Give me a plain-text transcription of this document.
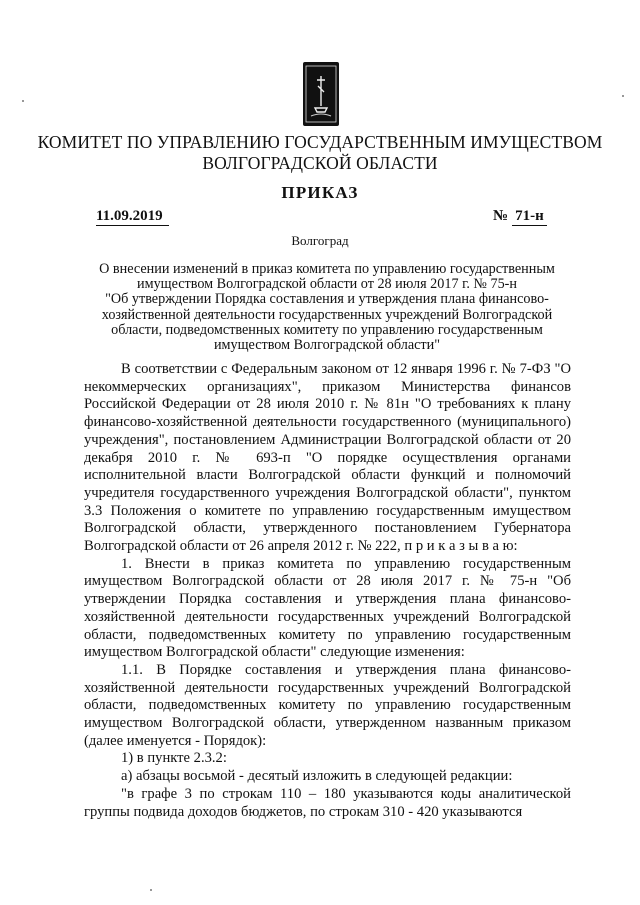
КОМИТЕТ ПО УПРАВЛЕНИЮ ГОСУДАРСТВЕННЫМ ИМУЩЕСТВОМ
ВОЛГОГРАДСКОЙ ОБЛАСТИ
ПРИКАЗ
11.09.2019	№ 71-н
Волгоград
О внесении изменений в приказ комитета по управлению государственным
имуществом Волгоградской области от 28 июля 2017 г. № 75-н
"Об утверждении Порядка составления и утверждения плана финансово-
хозяйственной деятельности государственных учреждений Волгоградской
области, подведомственных комитету по управлению государственным
имуществом Волгоградской области"

В соответствии с Федеральным законом от 12 января 1996 г. № 7-ФЗ "О некоммерческих организациях", приказом Министерства финансов Российской Федерации от 28 июля 2010 г. № 81н "О требованиях к плану финансово-хозяйственной деятельности государственного (муниципального) учреждения", постановлением Администрации Волгоградской области от 20 декабря 2010 г. № 693-п "О порядке осуществления органами исполнительной власти Волгоградской области функций и полномочий учредителя государственного учреждения Волгоградской области", пунктом 3.3 Положения о комитете по управлению государственным имуществом Волгоградской области, утвержденного постановлением Губернатора Волгоградской области от 26 апреля 2012 г. № 222, п р и к а з ы в а ю:

1. Внести в приказ комитета по управлению государственным имуществом Волгоградской области от 28 июля 2017 г. № 75-н "Об утверждении Порядка составления и утверждения плана финансово-хозяйственной деятельности государственных учреждений Волгоградской области, подведомственных комитету по управлению государственным имуществом Волгоградской области" следующие изменения:

1.1. В Порядке составления и утверждения плана финансово-хозяйственной деятельности государственных учреждений Волгоградской области, подведомственных комитету по управлению государственным имуществом Волгоградской области, утвержденном названным приказом (далее именуется - Порядок):

1) в пункте 2.3.2:

а) абзацы восьмой - десятый изложить в следующей редакции:

"в графе 3 по строкам 110 – 180 указываются коды аналитической группы подвида доходов бюджетов, по строкам 310 - 420 указываются
